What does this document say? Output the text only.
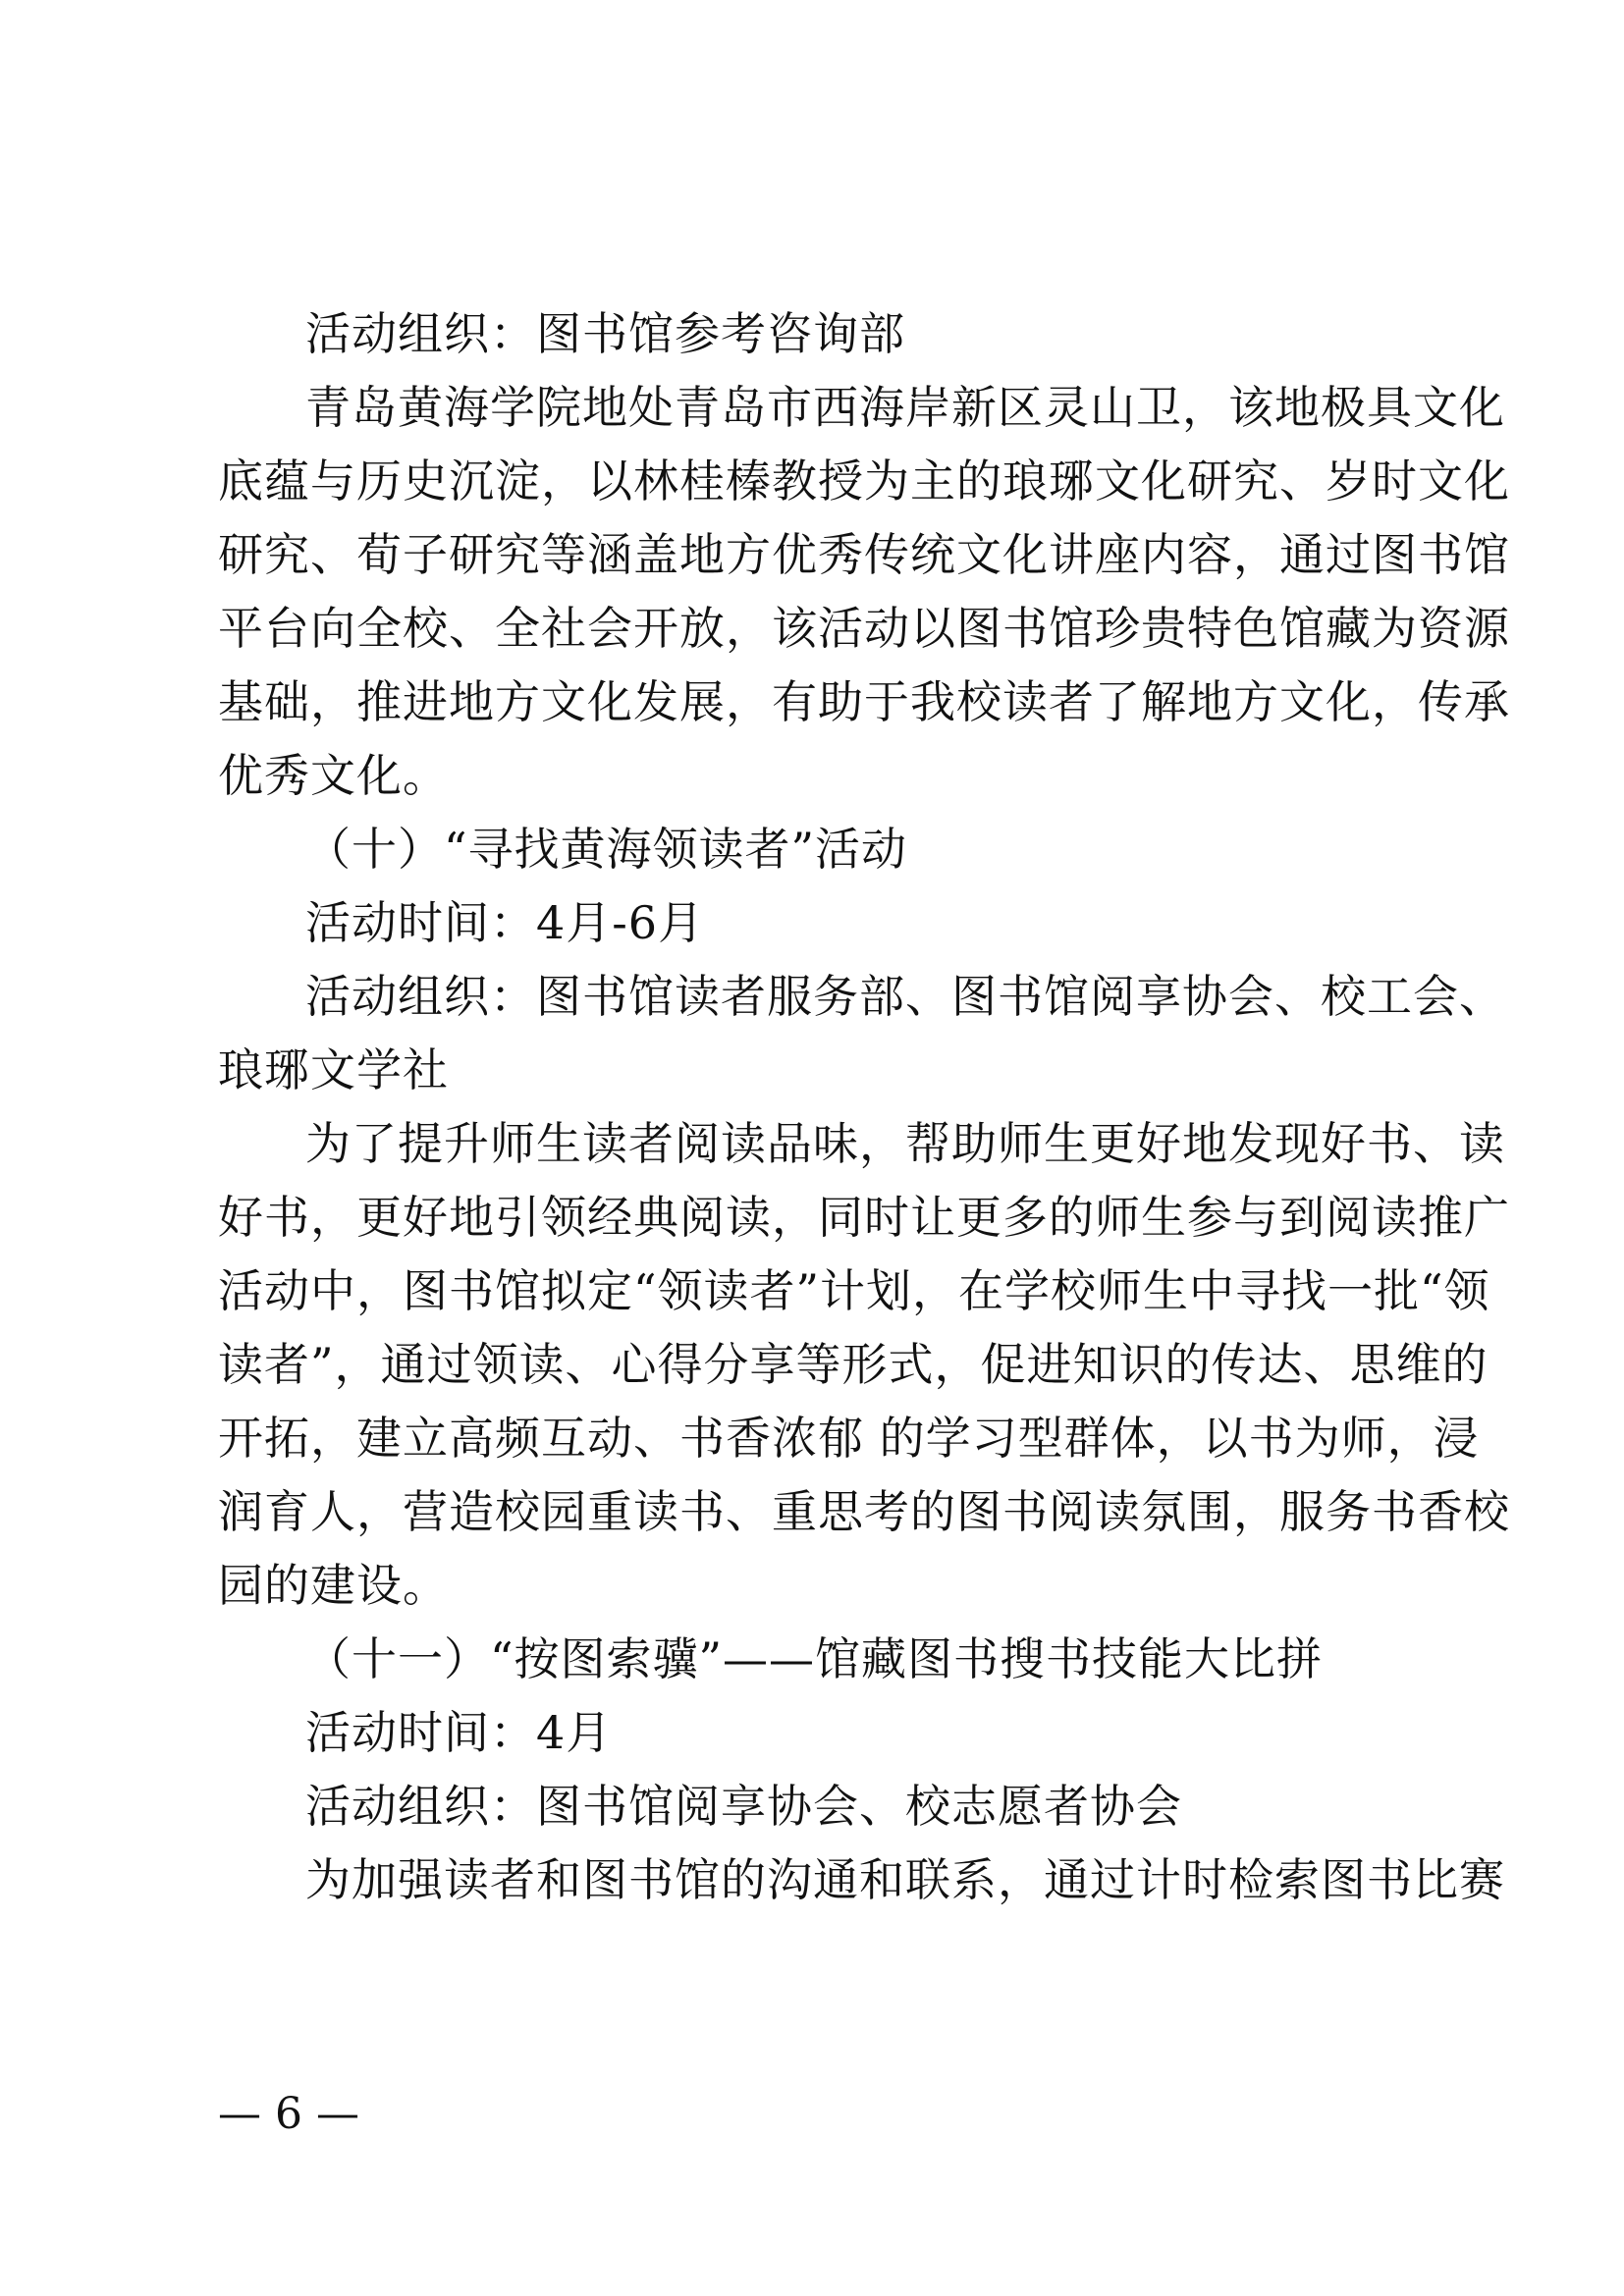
活动组织：图书馆参考咨询部
青岛黄海学院地处青岛市西海岸新区灵山卫，该地极具文化
底蕴与历史沉淀，以林桂榛教授为主的琅琊文化研究、岁时文化
研究、荀子研究等涵盖地方优秀传统文化讲座内容，通过图书馆
平台向全校、全社会开放，该活动以图书馆珍贵特色馆藏为资源
基础，推进地方文化发展，有助于我校读者了解地方文化，传承
优秀文化。
（十）“寻找黄海领读者”活动
活动时间：4月-6月
活动组织：图书馆读者服务部、图书馆阅享协会、校工会、
琅琊文学社
为了提升师生读者阅读品味，帮助师生更好地发现好书、读
好书，更好地引领经典阅读，同时让更多的师生参与到阅读推广
活动中，图书馆拟定“领读者”计划，在学校师生中寻找一批“领
读者”，通过领读、心得分享等形式，促进知识的传达、思维的
开拓，建立高频互动、书香浓郁 的学习型群体，以书为师，浸
润育人，营造校园重读书、重思考的图书阅读氛围，服务书香校
园的建设。
（十一）“按图索骥”——馆藏图书搜书技能大比拼
活动时间：4月
活动组织：图书馆阅享协会、校志愿者协会
为加强读者和图书馆的沟通和联系，通过计时检索图书比赛
— 6 —
